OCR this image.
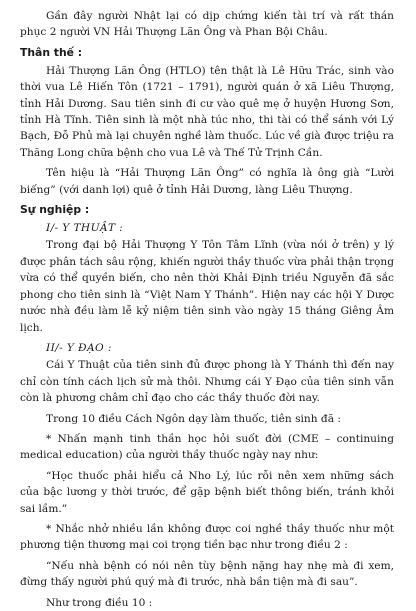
Gần đây người Nhật lại có dịp chứng kiến tài trí và rất thán phục 2 người VN Hải Thượng Lãn Ông và Phan Bội Châu.

Thân thế :

Hải Thượng Lãn Ông (HTLO) tên thật là Lê Hữu Trác, sinh vào thời vua Lê Hiến Tôn (1721 – 1791), người quán ở xã Liêu Thượng, tỉnh Hải Dương. Sau tiên sinh đi cư vào quê mẹ ở huyện Hương Sơn, tỉnh Hà Tĩnh. Tiên sinh là một nhà túc nho, thi tài có thể sánh với Lý Bạch, Đỗ Phủ mà lại chuyên nghề làm thuốc. Lúc về già được triệu ra Thăng Long chữa bệnh cho vua Lê và Thế Tử Trịnh Cần.

Tên hiệu là “Hải Thượng Lãn Ông” có nghĩa là ông già “Lười biếng” (với danh lợi) quê ở tỉnh Hải Dương, làng Liêu Thượng.

Sự nghiệp :
I/- Y THUẬT :

Trong đại bộ Hải Thượng Y Tôn Tâm Lĩnh (vừa nói ở trên) y lý được phân tách sâu rộng, khiến người thầy thuốc vừa phải thận trọng vừa có thể quyền biến, cho nên thời Khải Định triều Nguyễn đã sắc phong cho tiên sinh là “Việt Nam Y Thánh”. Hiện nay các hội Y Dược nước nhà đều làm lễ kỷ niệm tiên sinh vào ngày 15 tháng Giêng Âm lịch.

II/- Y ĐẠO :

Cái Y Thuật của tiên sinh đủ được phong là Y Thánh thì đến nay chỉ còn tính cách lịch sử mà thôi. Nhưng cái Y Đạo của tiên sinh vẫn còn là phương châm chỉ đạo cho các thầy thuốc đời nay.

Trong 10 điều Cách Ngôn dạy làm thuốc, tiên sinh đã :

* Nhấn mạnh tinh thần học hỏi suốt đời (CME – continuing medical education) của người thầy thuốc ngày nay như:

“Học thuốc phải hiểu cả Nho Lý, lúc rỗi nên xem những sách của bậc lương y thời trước, để gặp bệnh biết thông biến, tránh khỏi sai lầm.”

* Nhắc nhở nhiều lần không được coi nghề thầy thuốc như một phương tiện thương mại coi trọng tiền bạc như trong điều 2 :

“Nếu nhà bệnh có nói nên tùy bệnh nặng hay nhẹ mà đi xem, đừng thấy người phú quý mà đi trước, nhà bần tiện mà đi sau”.

Như trong điều 10 :
